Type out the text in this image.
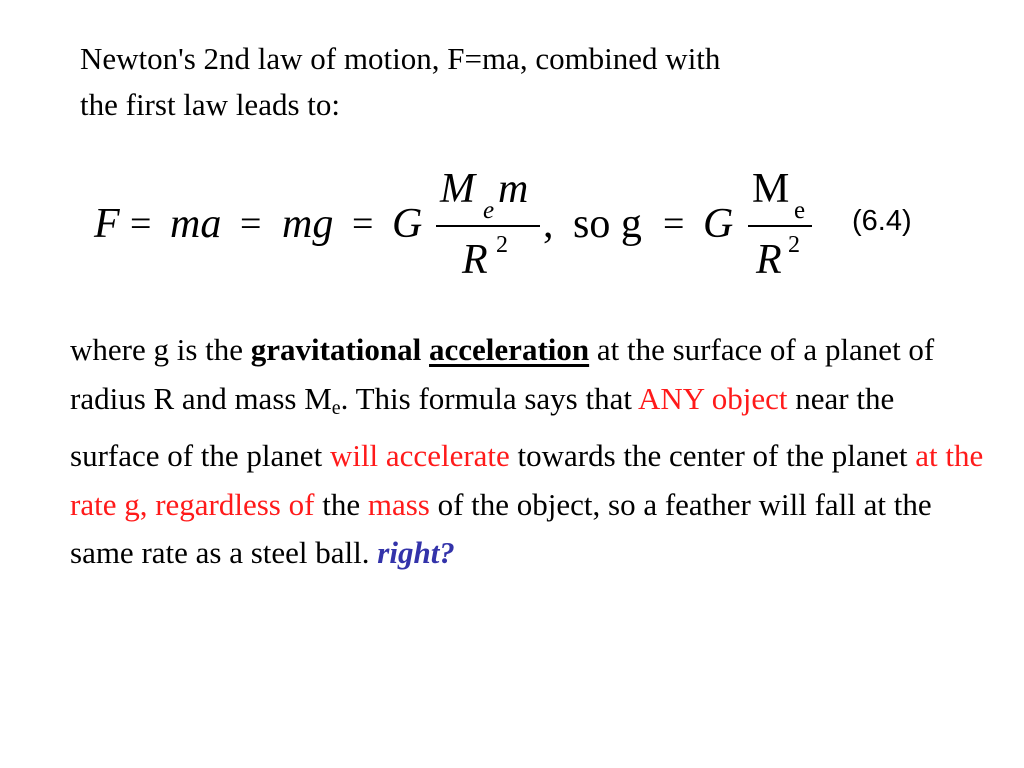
Newton's 2nd law of motion, F=ma, combined with
the first law leads to:
F = ma = mg = G
M e m
R 2 , so g = G
M e
R 2
(6.4)
where g is the gravitational acceleration at the surface of a planet of radius R and mass $M_e$. This formula says that ANY object near the surface of the planet will accelerate towards the center of the planet at the rate g, regardless of the mass of the object, so a feather will fall at the same rate as a steel ball. right?
